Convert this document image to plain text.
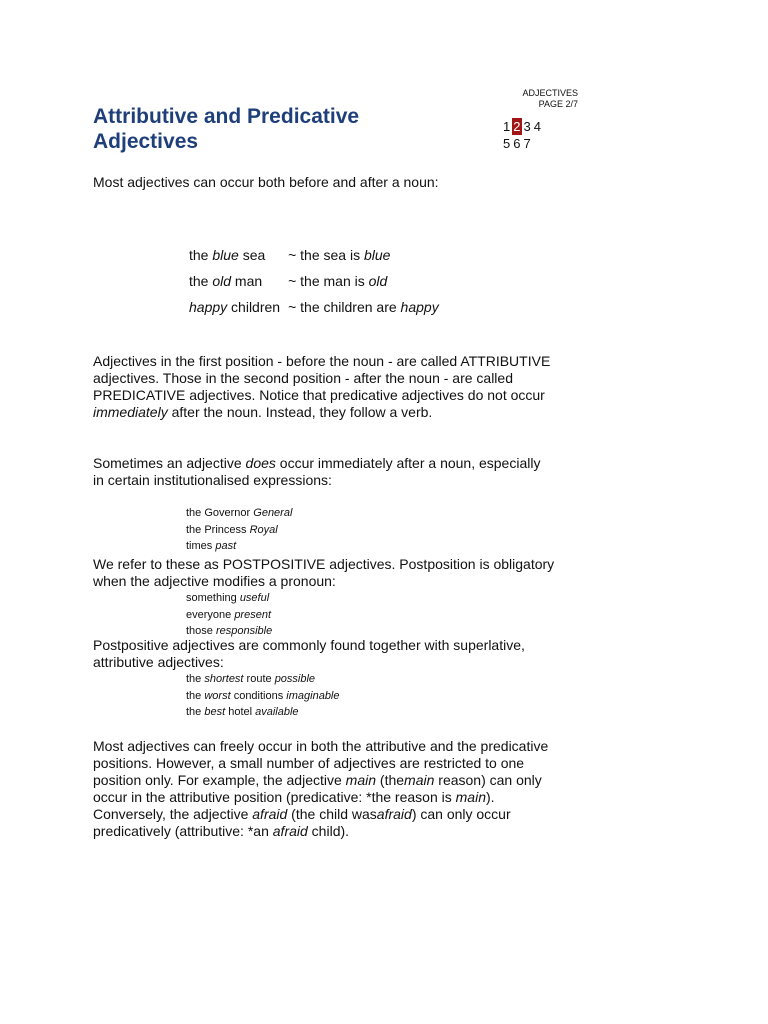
ADJECTIVES
PAGE 2/7
1 2 3 4
5 6 7
Attributive and Predicative
Adjectives

Most adjectives can occur both before and after a noun:

the blue sea	~ the sea is blue
the old man	~ the man is old
happy children	~ the children are happy

Adjectives in the first position - before the noun - are called ATTRIBUTIVE adjectives. Those in the second position - after the noun - are called PREDICATIVE adjectives. Notice that predicative adjectives do not occur immediately after the noun. Instead, they follow a verb.

Sometimes an adjective does occur immediately after a noun, especially in certain institutionalised expressions:

the Governor General
the Princess Royal
times past

We refer to these as POSTPOSITIVE adjectives. Postposition is obligatory when the adjective modifies a pronoun:

something useful
everyone present
those responsible

Postpositive adjectives are commonly found together with superlative, attributive adjectives:

the shortest route possible
the worst conditions imaginable
the best hotel available

Most adjectives can freely occur in both the attributive and the predicative positions. However, a small number of adjectives are restricted to one position only. For example, the adjective main (themain reason) can only occur in the attributive position (predicative: *the reason is main). Conversely, the adjective afraid (the child wasafraid) can only occur predicatively (attributive: *an afraid child).
